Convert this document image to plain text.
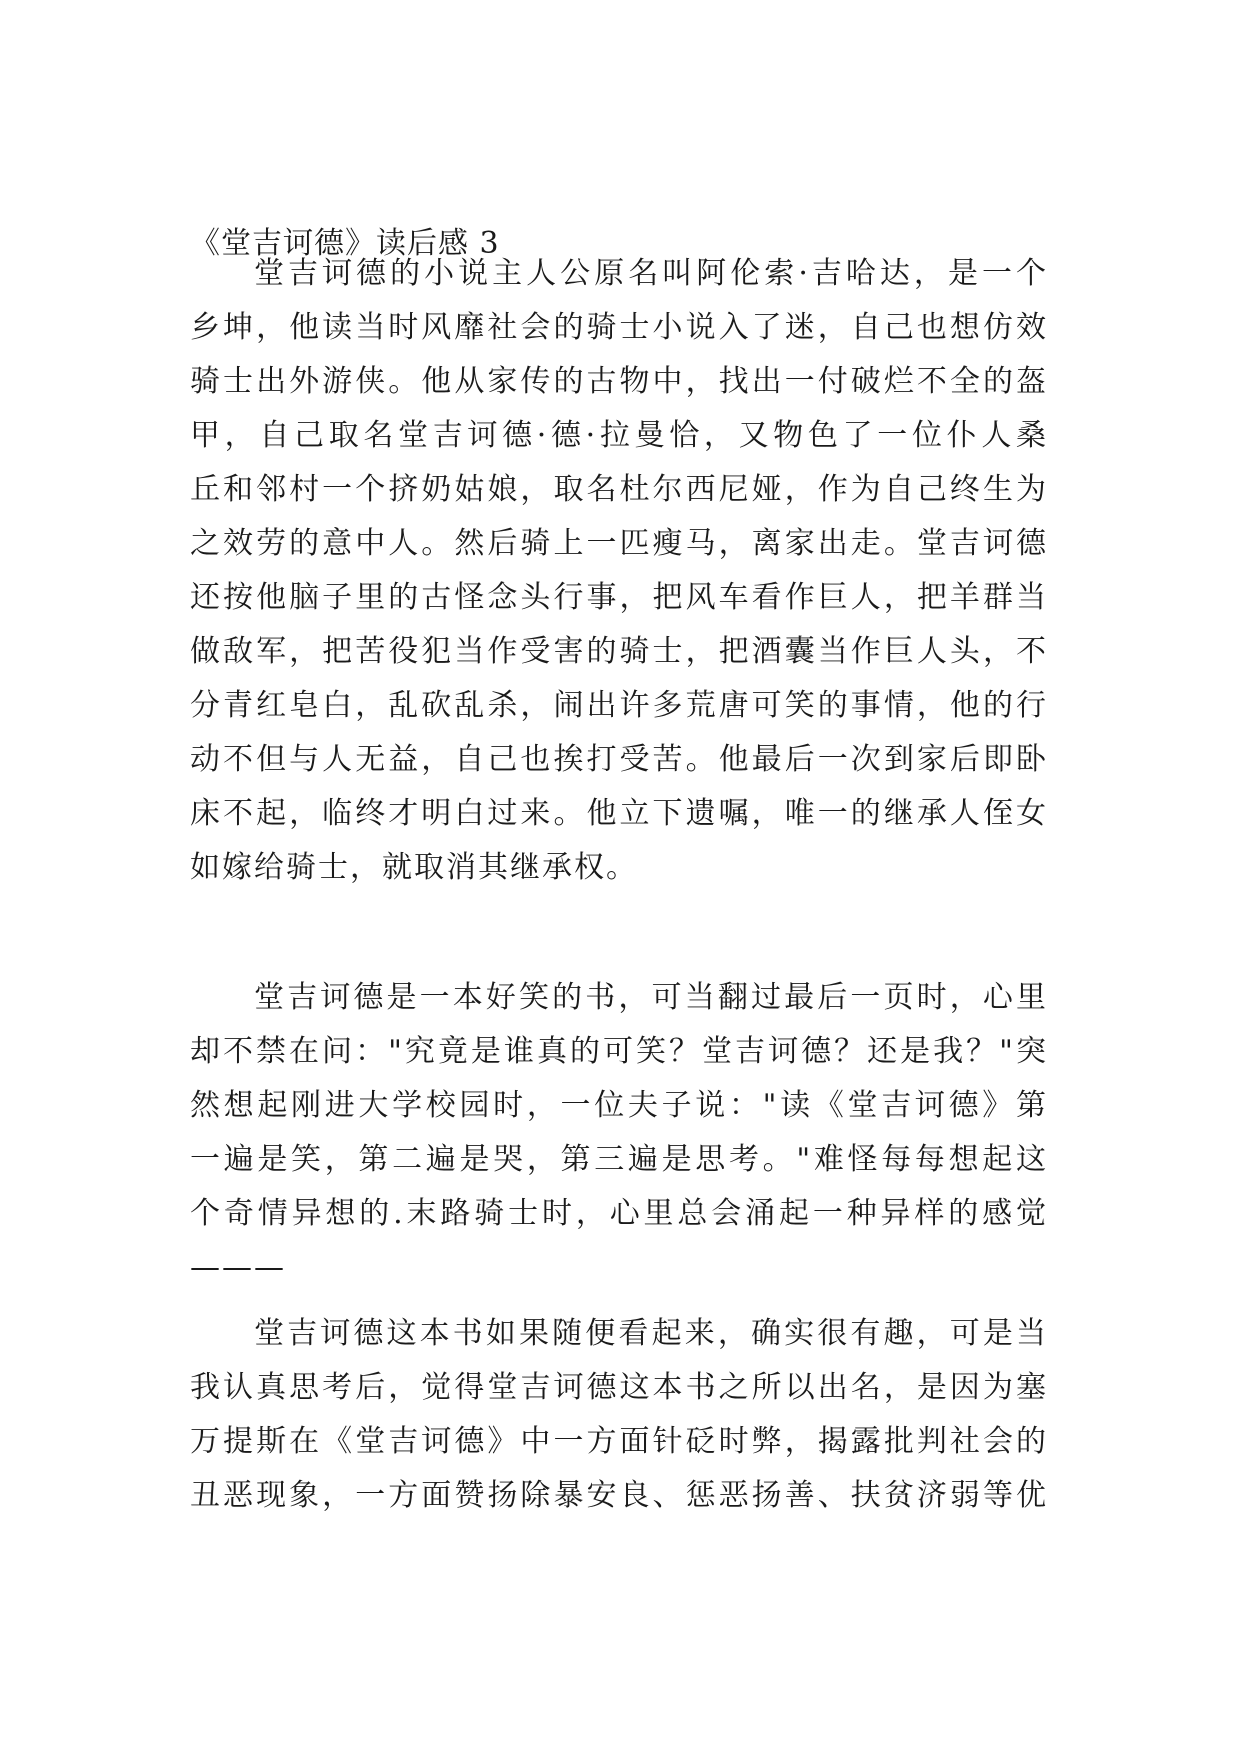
《堂吉诃德》读后感 3
堂吉诃德的小说主人公原名叫阿伦索·吉哈达，是一个
乡坤，他读当时风靡社会的骑士小说入了迷，自己也想仿效
骑士出外游侠。他从家传的古物中，找出一付破烂不全的盔
甲，自己取名堂吉诃德·德·拉曼恰，又物色了一位仆人桑
丘和邻村一个挤奶姑娘，取名杜尔西尼娅，作为自己终生为
之效劳的意中人。然后骑上一匹瘦马，离家出走。堂吉诃德
还按他脑子里的古怪念头行事，把风车看作巨人，把羊群当
做敌军，把苦役犯当作受害的骑士，把酒囊当作巨人头，不
分青红皂白，乱砍乱杀，闹出许多荒唐可笑的事情，他的行
动不但与人无益，自己也挨打受苦。他最后一次到家后即卧
床不起，临终才明白过来。他立下遗嘱，唯一的继承人侄女
如嫁给骑士，就取消其继承权。
堂吉诃德是一本好笑的书，可当翻过最后一页时，心里
却不禁在问："究竟是谁真的可笑？堂吉诃德？还是我？"突
然想起刚进大学校园时，一位夫子说："读《堂吉诃德》第
一遍是笑，第二遍是哭，第三遍是思考。"难怪每每想起这
个奇情异想的.末路骑士时，心里总会涌起一种异样的感觉
———
堂吉诃德这本书如果随便看起来，确实很有趣，可是当
我认真思考后，觉得堂吉诃德这本书之所以出名，是因为塞
万提斯在《堂吉诃德》中一方面针砭时弊，揭露批判社会的
丑恶现象，一方面赞扬除暴安良、惩恶扬善、扶贫济弱等优
